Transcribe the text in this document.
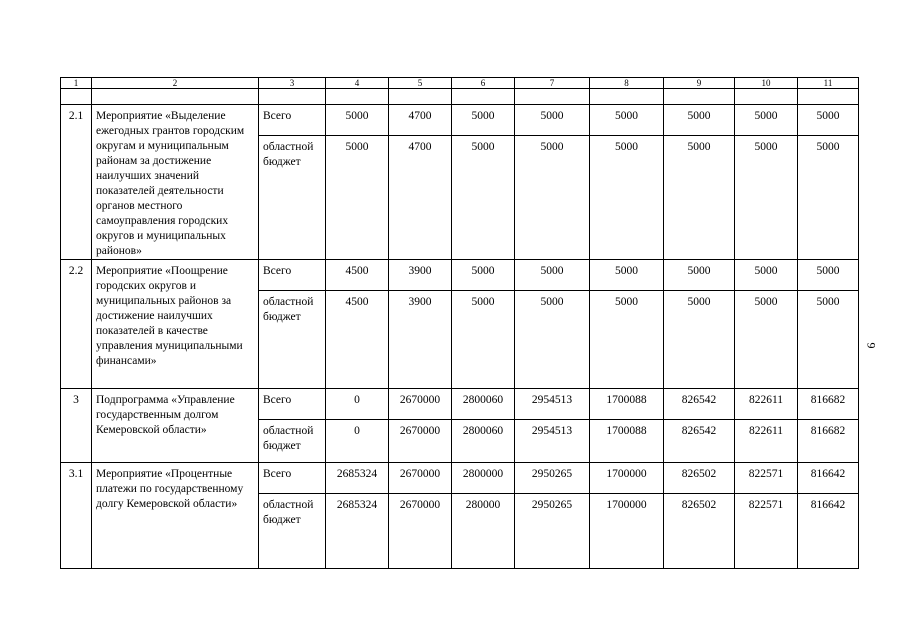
1	2	3	4	5	6	7	8	9	10	11

2.1	Мероприятие «Выделение ежегодных грантов городским округам и муниципальным районам за достижение наилучших значений показателей деятельности органов местного самоуправления городских округов и муниципальных районов»	Всего	5000	4700	5000	5000	5000	5000	5000	5000
		областной бюджет	5000	4700	5000	5000	5000	5000	5000	5000
2.2	Мероприятие «Поощрение городских округов и муниципальных районов за достижение наилучших показателей в качестве управления муниципальными финансами»	Всего	4500	3900	5000	5000	5000	5000	5000	5000
		областной бюджет	4500	3900	5000	5000	5000	5000	5000	5000
3	Подпрограмма «Управление государственным долгом Кемеровской области»	Всего	0	2670000	2800060	2954513	1700088	826542	822611	816682
		областной бюджет	0	2670000	2800060	2954513	1700088	826542	822611	816682
3.1	Мероприятие «Процентные платежи по государственному долгу Кемеровской области»	Всего	2685324	2670000	2800000	2950265	1700000	826502	822571	816642
		областной бюджет	2685324	2670000	280000	2950265	1700000	826502	822571	816642
9
